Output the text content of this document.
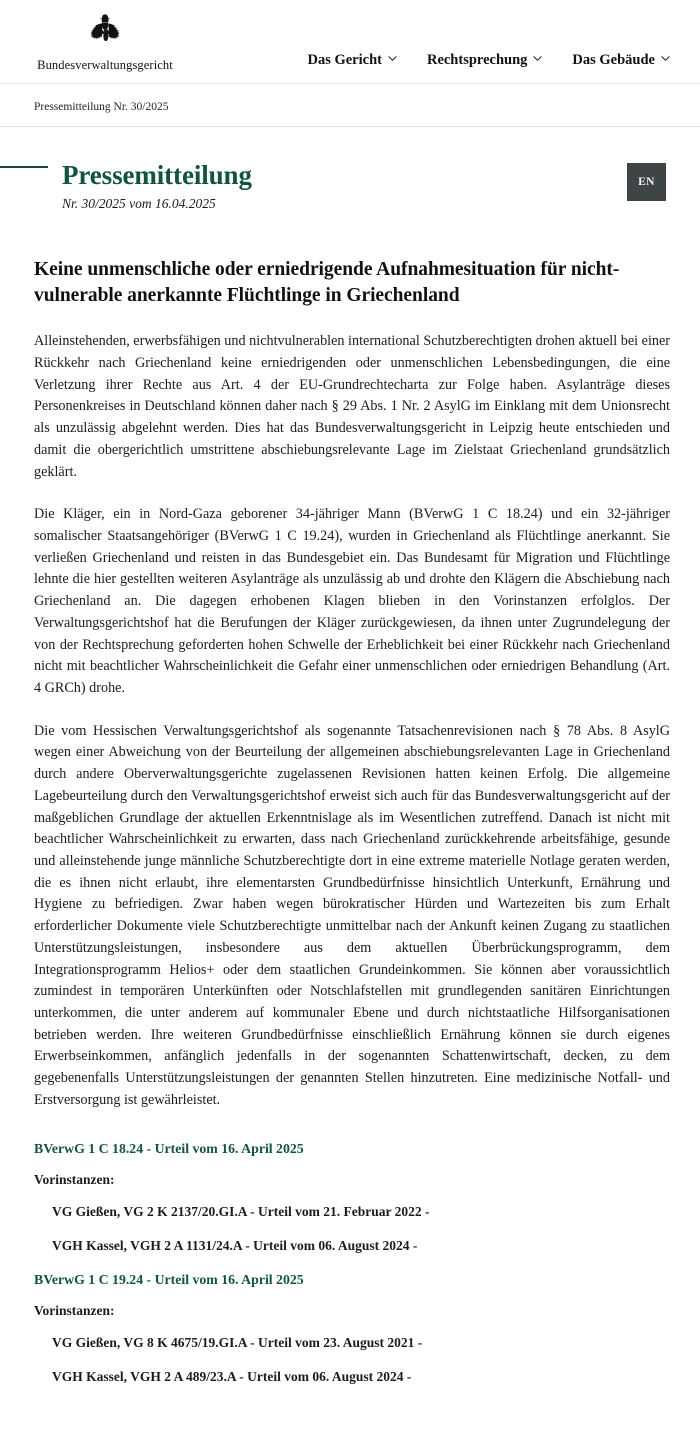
Bundesverwaltungsgericht	Das Gericht	Rechtsprechung	Das Gebäude
Pressemitteilung Nr. 30/2025
Pressemitteilung

Nr. 30/2025 vom 16.04.2025

EN
Keine unmenschliche oder erniedrigende Aufnahmesituation für nicht-vulnerable anerkannte Flüchtlinge in Griechenland

Alleinstehenden, erwerbsfähigen und nichtvulnerablen international Schutzberechtigten drohen aktuell bei einer Rückkehr nach Griechenland keine erniedrigenden oder unmenschlichen Lebensbedingungen, die eine Verletzung ihrer Rechte aus Art. 4 der EU-Grundrechtecharta zur Folge haben. Asylanträge dieses Personenkreises in Deutschland können daher nach § 29 Abs. 1 Nr. 2 AsylG im Einklang mit dem Unionsrecht als unzulässig abgelehnt werden. Dies hat das Bundesverwaltungsgericht in Leipzig heute entschieden und damit die obergerichtlich umstrittene abschiebungsrelevante Lage im Zielstaat Griechenland grundsätzlich geklärt.

Die Kläger, ein in Nord-Gaza geborener 34-jähriger Mann (BVerwG 1 C 18.24) und ein 32-jähriger somalischer Staatsangehöriger (BVerwG 1 C 19.24), wurden in Griechenland als Flüchtlinge anerkannt. Sie verließen Griechenland und reisten in das Bundesgebiet ein. Das Bundesamt für Migration und Flüchtlinge lehnte die hier gestellten weiteren Asylanträge als unzulässig ab und drohte den Klägern die Abschiebung nach Griechenland an. Die dagegen erhobenen Klagen blieben in den Vorinstanzen erfolglos. Der Verwaltungsgerichtshof hat die Berufungen der Kläger zurückgewiesen, da ihnen unter Zugrundelegung der von der Rechtsprechung geforderten hohen Schwelle der Erheblichkeit bei einer Rückkehr nach Griechenland nicht mit beachtlicher Wahrscheinlichkeit die Gefahr einer unmenschlichen oder erniedrigen Behandlung (Art. 4 GRCh) drohe.

Die vom Hessischen Verwaltungsgerichtshof als sogenannte Tatsachenrevisionen nach § 78 Abs. 8 AsylG wegen einer Abweichung von der Beurteilung der allgemeinen abschiebungsrelevanten Lage in Griechenland durch andere Oberverwaltungsgerichte zugelassenen Revisionen hatten keinen Erfolg. Die allgemeine Lagebeurteilung durch den Verwaltungsgerichtshof erweist sich auch für das Bundesverwaltungsgericht auf der maßgeblichen Grundlage der aktuellen Erkenntnislage als im Wesentlichen zutreffend. Danach ist nicht mit beachtlicher Wahrscheinlichkeit zu erwarten, dass nach Griechenland zurückkehrende arbeitsfähige, gesunde und alleinstehende junge männliche Schutzberechtigte dort in eine extreme materielle Notlage geraten werden, die es ihnen nicht erlaubt, ihre elementarsten Grundbedürfnisse hinsichtlich Unterkunft, Ernährung und Hygiene zu befriedigen. Zwar haben wegen bürokratischer Hürden und Wartezeiten bis zum Erhalt erforderlicher Dokumente viele Schutzberechtigte unmittelbar nach der Ankunft keinen Zugang zu staatlichen Unterstützungsleistungen, insbesondere aus dem aktuellen Überbrückungsprogramm, dem Integrationsprogramm Helios+ oder dem staatlichen Grundeinkommen. Sie können aber voraussichtlich zumindest in temporären Unterkünften oder Notschlafstellen mit grundlegenden sanitären Einrichtungen unterkommen, die unter anderem auf kommunaler Ebene und durch nichtstaatliche Hilfsorganisationen betrieben werden. Ihre weiteren Grundbedürfnisse einschließlich Ernährung können sie durch eigenes Erwerbseinkommen, anfänglich jedenfalls in der sogenannten Schattenwirtschaft, decken, zu dem gegebenenfalls Unterstützungsleistungen der genannten Stellen hinzutreten. Eine medizinische Notfall- und Erstversorgung ist gewährleistet.

BVerwG 1 C 18.24 - Urteil vom 16. April 2025

Vorinstanzen:

VG Gießen, VG 2 K 2137/20.GI.A - Urteil vom 21. Februar 2022 -

VGH Kassel, VGH 2 A 1131/24.A - Urteil vom 06. August 2024 -

BVerwG 1 C 19.24 - Urteil vom 16. April 2025

Vorinstanzen:

VG Gießen, VG 8 K 4675/19.GI.A - Urteil vom 23. August 2021 -

VGH Kassel, VGH 2 A 489/23.A - Urteil vom 06. August 2024 -
